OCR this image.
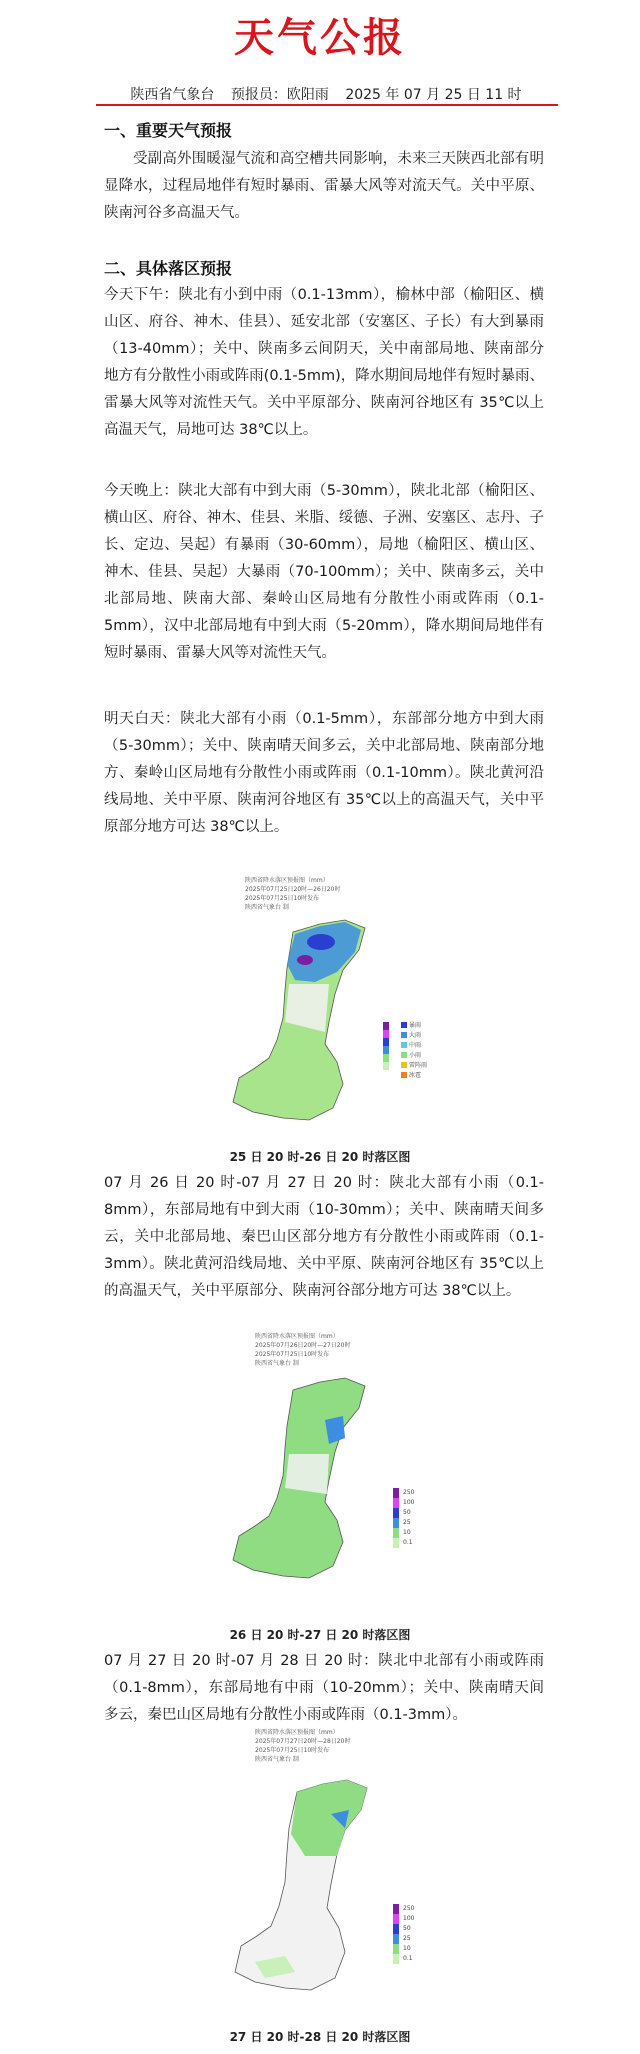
天气公报
陕西省气象台 预报员：欧阳雨 2025 年 07 月 25 日 11 时
一、重要天气预报
受副高外围暖湿气流和高空槽共同影响，未来三天陕西北部有明显降水，过程局地伴有短时暴雨、雷暴大风等对流天气。关中平原、陕南河谷多高温天气。
二、具体落区预报
今天下午：陕北有小到中雨（0.1-13mm），榆林中部（榆阳区、横山区、府谷、神木、佳县）、延安北部（安塞区、子长）有大到暴雨（13-40mm）；关中、陕南多云间阴天，关中南部局地、陕南部分地方有分散性小雨或阵雨(0.1-5mm)，降水期间局地伴有短时暴雨、雷暴大风等对流性天气。关中平原部分、陕南河谷地区有 35℃以上高温天气，局地可达 38℃以上。
今天晚上：陕北大部有中到大雨（5-30mm），陕北北部（榆阳区、横山区、府谷、神木、佳县、米脂、绥德、子洲、安塞区、志丹、子长、定边、吴起）有暴雨（30-60mm），局地（榆阳区、横山区、神木、佳县、吴起）大暴雨（70-100mm）；关中、陕南多云，关中北部局地、陕南大部、秦岭山区局地有分散性小雨或阵雨（0.1-5mm），汉中北部局地有中到大雨（5-20mm），降水期间局地伴有短时暴雨、雷暴大风等对流性天气。
明天白天：陕北大部有小雨（0.1-5mm），东部部分地方中到大雨（5-30mm）；关中、陕南晴天间多云，关中北部局地、陕南部分地方、秦岭山区局地有分散性小雨或阵雨（0.1-10mm）。陕北黄河沿线局地、关中平原、陕南河谷地区有 35℃以上的高温天气，关中平原部分地方可达 38℃以上。
陕西省降水落区预报图（mm）
2025年07月25日20时—26日20时
2025年07月25日10时发布
陕西省气象台 制
暴雨
大雨
中雨
小雨
雷阵雨
冰雹
25 日 20 时-26 日 20 时落区图
07 月 26 日 20 时-07 月 27 日 20 时：陕北大部有小雨（0.1-8mm），东部局地有中到大雨（10-30mm）；关中、陕南晴天间多云，关中北部局地、秦巴山区部分地方有分散性小雨或阵雨（0.1-3mm）。陕北黄河沿线局地、关中平原、陕南河谷地区有 35℃以上的高温天气，关中平原部分、陕南河谷部分地方可达 38℃以上。
陕西省降水落区预报图（mm）
2025年07月26日20时—27日20时
2025年07月25日10时发布
陕西省气象台 制
250
100
50
25
10
0.1
26 日 20 时-27 日 20 时落区图
07 月 27 日 20 时-07 月 28 日 20 时：陕北中北部有小雨或阵雨（0.1-8mm），东部局地有中雨（10-20mm）；关中、陕南晴天间多云，秦巴山区局地有分散性小雨或阵雨（0.1-3mm）。
陕西省降水落区预报图（mm）
2025年07月27日20时—28日20时
2025年07月25日10时发布
陕西省气象台 制
250
100
50
25
10
0.1
27 日 20 时-28 日 20 时落区图
